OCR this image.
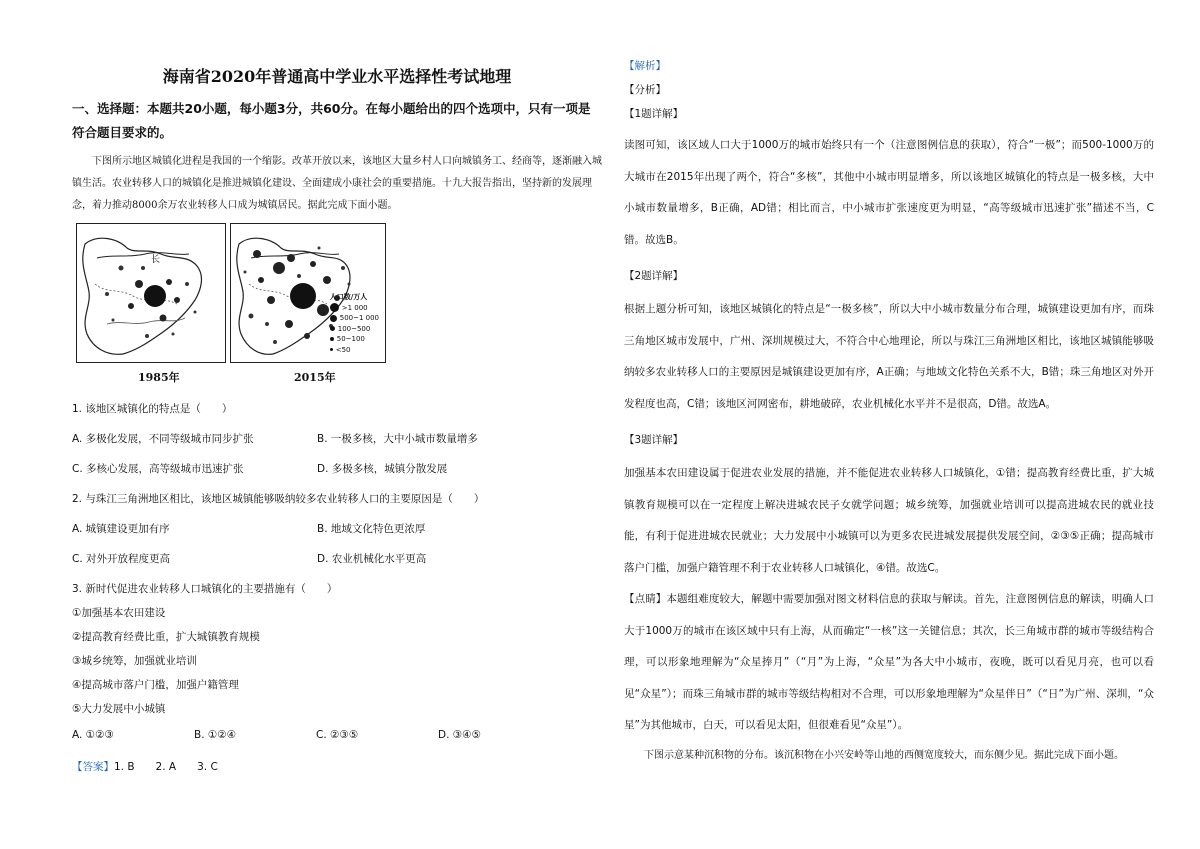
海南省2020年普通高中学业水平选择性考试地理
一、选择题：本题共20小题，每小题3分，共60分。在每小题给出的四个选项中，只有一项是符合题目要求的。

下图所示地区城镇化进程是我国的一个缩影。改革开放以来，该地区大量乡村人口向城镇务工、经商等，逐渐融入城镇生活。农业转移人口的城镇化是推进城镇化建设、全面建成小康社会的重要措施。十九大报告指出，坚持新的发展理念，着力推动8000余万农业转移人口成为城镇居民。据此完成下面小题。

长
人口数/万人
>1 000
500~1 000
100~500
50~100
<50
1985年	2015年
1. 该地区城镇化的特点是（　　）
A. 多极化发展，不同等级城市同步扩张	B. 一极多核，大中小城市数量增多
C. 多核心发展，高等级城市迅速扩张	D. 多极多核，城镇分散发展
2. 与珠江三角洲地区相比，该地区城镇能够吸纳较多农业转移人口的主要原因是（　　）
A. 城镇建设更加有序	B. 地域文化特色更浓厚
C. 对外开放程度更高	D. 农业机械化水平更高
3. 新时代促进农业转移人口城镇化的主要措施有（　　）
①加强基本农田建设
②提高教育经费比重，扩大城镇教育规模
③城乡统筹，加强就业培训
④提高城市落户门槛，加强户籍管理
⑤大力发展中小城镇
A. ①②③	B. ①②④	C. ②③⑤	D. ③④⑤
【答案】1. B　　2. A　　3. C
【解析】
【分析】
【1题详解】

读图可知，该区域人口大于1000万的城市始终只有一个（注意图例信息的获取），符合“一极”；而500-1000万的大城市在2015年出现了两个，符合“多核”，其他中小城市明显增多，所以该地区城镇化的特点是一极多核，大中小城市数量增多，B正确，AD错；相比而言，中小城市扩张速度更为明显，“高等级城市迅速扩张”描述不当，C错。故选B。

【2题详解】

根据上题分析可知，该地区城镇化的特点是“一极多核”，所以大中小城市数量分布合理，城镇建设更加有序，而珠三角地区城市发展中，广州、深圳规模过大，不符合中心地理论，所以与珠江三角洲地区相比，该地区城镇能够吸纳较多农业转移人口的主要原因是城镇建设更加有序，A正确；与地域文化特色关系不大，B错；珠三角地区对外开发程度也高，C错；该地区河网密布，耕地破碎，农业机械化水平并不是很高，D错。故选A。

【3题详解】

加强基本农田建设属于促进农业发展的措施，并不能促进农业转移人口城镇化，①错；提高教育经费比重，扩大城镇教育规模可以在一定程度上解决进城农民子女就学问题；城乡统筹，加强就业培训可以提高进城农民的就业技能，有利于促进进城农民就业；大力发展中小城镇可以为更多农民进城发展提供发展空间，②③⑤正确；提高城市落户门槛，加强户籍管理不利于农业转移人口城镇化，④错。故选C。

【点睛】本题组难度较大，解题中需要加强对图文材料信息的获取与解读。首先，注意图例信息的解读，明确人口大于1000万的城市在该区域中只有上海，从而确定“一核”这一关键信息；其次，长三角城市群的城市等级结构合理，可以形象地理解为“众星捧月”（“月”为上海，“众星”为各大中小城市，夜晚，既可以看见月亮，也可以看见“众星”）；而珠三角城市群的城市等级结构相对不合理，可以形象地理解为“众星伴日”（“日”为广州、深圳，“众星”为其他城市，白天，可以看见太阳，但很难看见“众星”）。

下图示意某种沉积物的分布。该沉积物在小兴安岭等山地的西侧宽度较大，而东侧少见。据此完成下面小题。
